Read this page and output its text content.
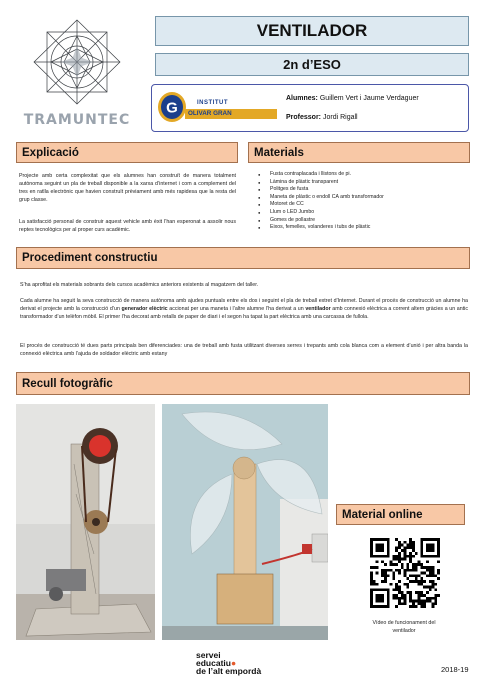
TRAMUNTEC
VENTILADOR
2n d’ESO
G	INSTITUT
OLIVAR GRAN
Alumnes: Guillem Vert i Jaume Verdaguer
Professor: Jordi Rigall
Explicació
Projecte amb certa complexitat que els alumnes han construït de manera totalment autònoma seguint un pla de treball disponible a la xarxa d’internet i com a complement del tres en ratlla electrònic que havien construït prèviament amb més rapidesa que la resta del grup classe.
La satisfacció personal de construir aquest vehicle amb èxit l’han esperonat a assolir nous reptes tecnològics per al proper curs acadèmic.
Materials
● Fusta contraplacada i llistons de pi.
● Làmina de plàstic transparent
● Politges de fusta
● Maneta de plàstic o endoll CA amb transformador
● Motoret de CC
● Llum o LED Jumbo
● Gomes de pollastre
● Eixos, femelles, volanderes i tubs de plàstic
Procediment constructiu
S’ha aprofitat els materials sobrants dels cursos acadèmics anteriors existents al magatzem del taller.
Cada alumne ha seguit la seva construcció de manera autònoma amb ajudes puntuals entre els dos i seguint el pla de treball extret d’Internet. Durant el procés de construcció un alumne ha derivat el projecte amb la construcció d’un generador elèctric accionat per una maneta i l’altre alumne l’ha derivat a un ventilador amb connexió elèctrica a corrent altern gràcies a un antic transformador d’un telèfon mòbil. El primer l’ha decorat amb retalls de paper de diari i el segon ha tapat la part elèctrica amb una carcassa de fullola.
El procés de construcció té dues parts principals ben diferenciades: una de treball amb fusta utilitzant diverses serres i trepants amb cola blanca com a element d’unió i per altra banda la connexió elèctrica amb l’ajuda de soldador elèctric amb estany
Recull fotogràfic
Material online
Vídeo de funcionament del
ventilador
servei
educatiu●
de l’alt empordà	2018-19
